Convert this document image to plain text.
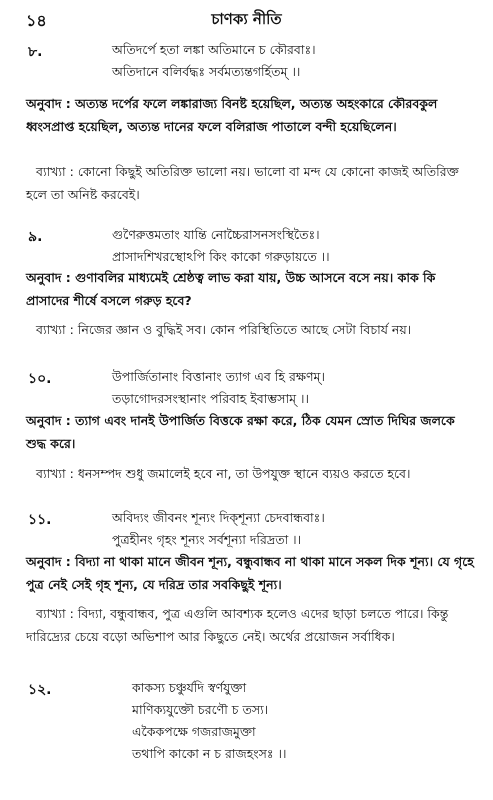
১৪	চাণক্য নীতি
৮.	অতিদর্পে হতা লঙ্কা অতিমানে চ কৌরবাঃ।
অতিদানে বলির্বদ্ধঃ সর্বমত্যন্তগর্হিতম্‌ ।।
অনুবাদ : অত্যন্ত দর্পের ফলে লঙ্কারাজ্য বিনষ্ট হয়েছিল, অত্যন্ত অহংকারে কৌরবকুল ধ্বংসপ্রাপ্ত হয়েছিল, অত্যন্ত দানের ফলে বলিরাজ পাতালে বন্দী হয়েছিলেন।
ব্যাখ্যা : কোনো কিছুই অতিরিক্ত ভালো নয়। ভালো বা মন্দ যে কোনো কাজই অতিরিক্ত হলে তা অনিষ্ট করবেই।
৯.	গুণৈরুত্তমতাং যান্তি নোচ্চৈরাসনসংস্থিতৈঃ।
প্রাসাদশিখরস্থোঽপি কিং কাকো গরুড়ায়তে ।।
অনুবাদ : গুণাবলির মাধ্যমেই শ্রেষ্ঠত্ব লাভ করা যায়, উচ্চ আসনে বসে নয়। কাক কি প্রাসাদের শীর্ষে বসলে গরুড় হবে?
ব্যাখ্যা : নিজের জ্ঞান ও বুদ্ধিই সব। কোন পরিস্থিতিতে আছে সেটা বিচার্য নয়।
১০.	উপার্জিতানাং বিত্তানাং ত্যাগ এব হি রক্ষণম্‌।
তড়াগোদরসংস্থানাং পরিবাহ ইবাম্ভসাম্‌ ।।
অনুবাদ : ত্যাগ এবং দানই উপার্জিত বিত্তকে রক্ষা করে, ঠিক যেমন স্রোত দিঘির জলকে শুদ্ধ করে।
ব্যাখ্যা : ধনসম্পদ শুধু জমালেই হবে না, তা উপযুক্ত স্থানে ব্যয়ও করতে হবে।
১১.	অবিদ্যং জীবনং শূন্যং দিক্‌শূন্যা চেদবান্ধবাঃ।
পুত্রহীনং গৃহং শূন্যং সর্বশূন্যা দরিদ্রতা ।।
অনুবাদ : বিদ্যা না থাকা মানে জীবন শূন্য, বন্ধুবান্ধব না থাকা মানে সকল দিক শূন্য। যে গৃহে পুত্র নেই সেই গৃহ শূন্য, যে দরিদ্র তার সবকিছুই শূন্য।
ব্যাখ্যা : বিদ্যা, বন্ধুবান্ধব, পুত্র এগুলি আবশ্যক হলেও এদের ছাড়া চলতে পারে। কিন্তু দারিদ্র্যের চেয়ে বড়ো অভিশাপ আর কিছুতে নেই। অর্থের প্রয়োজন সর্বাধিক।
১২.	কাকস্য চঞ্চুর্যদি স্বর্ণযুক্তা
মাণিক্যযুক্তৌ চরণৌ চ তস্য।
একৈকপক্ষে গজরাজমুক্তা
তথাপি কাকো ন চ রাজহংসঃ ।।
